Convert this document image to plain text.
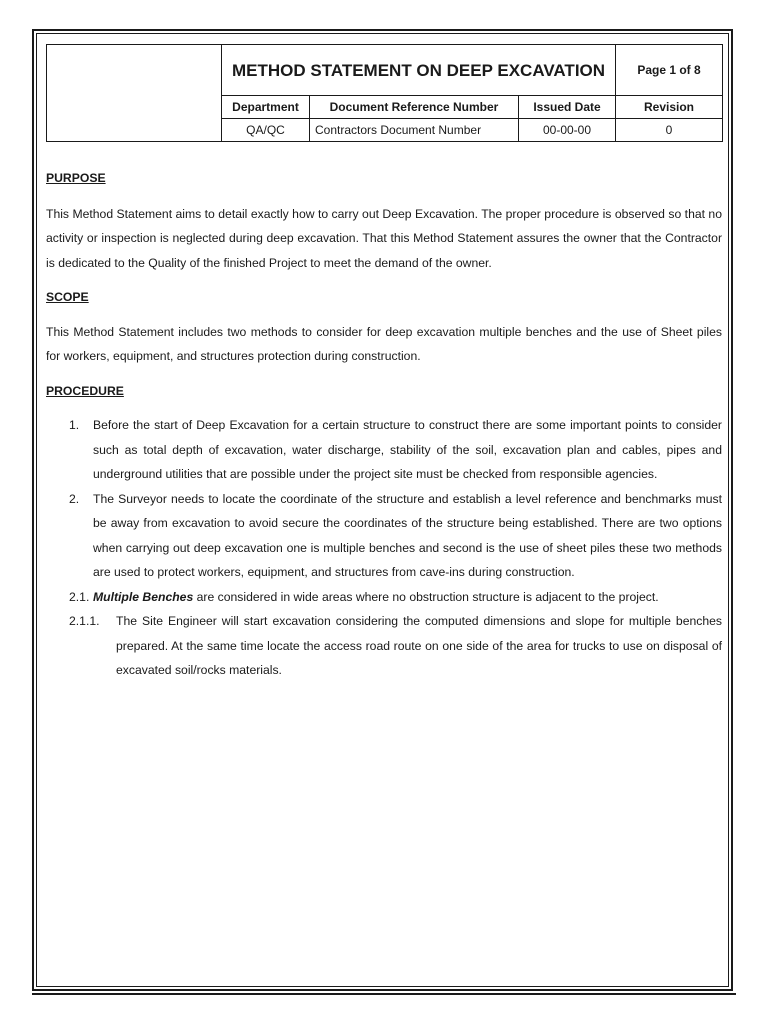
	METHOD STATEMENT ON DEEP EXCAVATION			Page 1 of 8
	Department	Document Reference Number	Issued Date	Revision
	QA/QC	Contractors Document Number	00-00-00	0

PURPOSE

This Method Statement aims to detail exactly how to carry out Deep Excavation. The proper procedure is observed so that no activity or inspection is neglected during deep excavation. That this Method Statement assures the owner that the Contractor is dedicated to the Quality of the finished Project to meet the demand of the owner.

SCOPE

This Method Statement includes two methods to consider for deep excavation multiple benches and the use of Sheet piles for workers, equipment, and structures protection during construction.

PROCEDURE

1. Before the start of Deep Excavation for a certain structure to construct there are some important points to consider such as total depth of excavation, water discharge, stability of the soil, excavation plan and cables, pipes and underground utilities that are possible under the project site must be checked from responsible agencies.
2. The Surveyor needs to locate the coordinate of the structure and establish a level reference and benchmarks must be away from excavation to avoid secure the coordinates of the structure being established. There are two options when carrying out deep excavation one is multiple benches and second is the use of sheet piles these two methods are used to protect workers, equipment, and structures from cave-ins during construction.
2.1. Multiple Benches are considered in wide areas where no obstruction structure is adjacent to the project.
2.1.1. The Site Engineer will start excavation considering the computed dimensions and slope for multiple benches prepared. At the same time locate the access road route on one side of the area for trucks to use on disposal of excavated soil/rocks materials.
